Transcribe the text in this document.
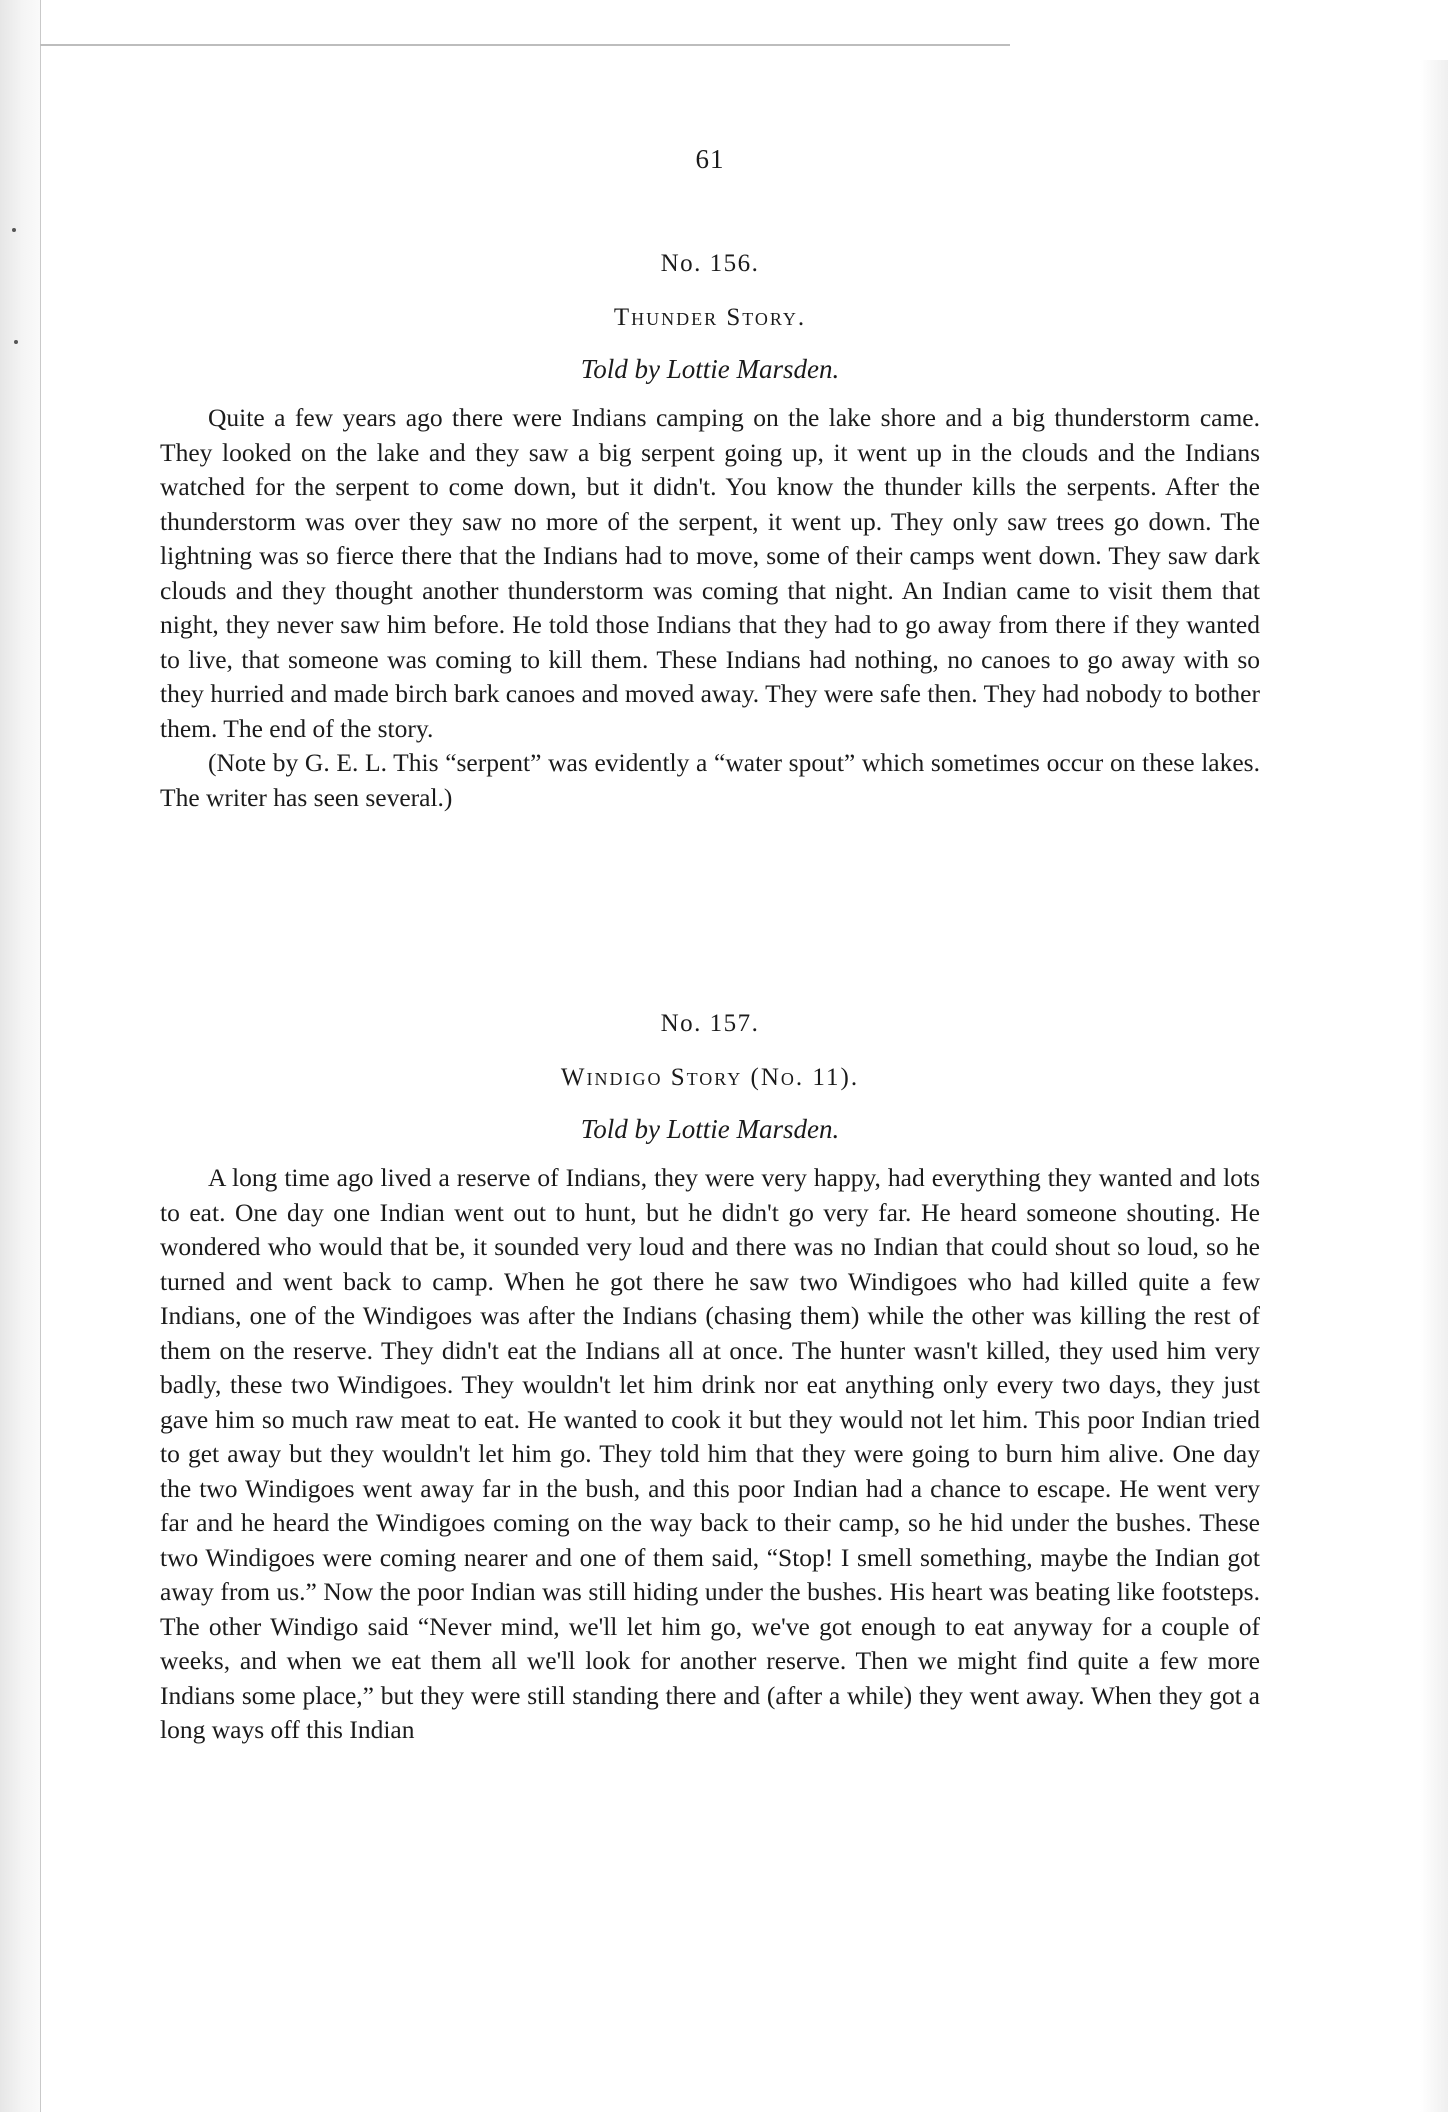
61
No. 156.
Thunder Story.
Told by Lottie Marsden.

Quite a few years ago there were Indians camping on the lake shore and a big thunderstorm came. They looked on the lake and they saw a big serpent going up, it went up in the clouds and the Indians watched for the serpent to come down, but it didn't. You know the thunder kills the serpents. After the thunderstorm was over they saw no more of the serpent, it went up. They only saw trees go down. The lightning was so fierce there that the Indians had to move, some of their camps went down. They saw dark clouds and they thought another thunderstorm was coming that night. An Indian came to visit them that night, they never saw him before. He told those Indians that they had to go away from there if they wanted to live, that someone was coming to kill them. These Indians had nothing, no canoes to go away with so they hurried and made birch bark canoes and moved away. They were safe then. They had nobody to bother them. The end of the story.

(Note by G. E. L. This “serpent” was evidently a “water spout” which sometimes occur on these lakes. The writer has seen several.)

No. 157.
Windigo Story (No. 11).
Told by Lottie Marsden.

A long time ago lived a reserve of Indians, they were very happy, had everything they wanted and lots to eat. One day one Indian went out to hunt, but he didn't go very far. He heard someone shouting. He wondered who would that be, it sounded very loud and there was no Indian that could shout so loud, so he turned and went back to camp. When he got there he saw two Windigoes who had killed quite a few Indians, one of the Windigoes was after the Indians (chasing them) while the other was killing the rest of them on the reserve. They didn't eat the Indians all at once. The hunter wasn't killed, they used him very badly, these two Windigoes. They wouldn't let him drink nor eat anything only every two days, they just gave him so much raw meat to eat. He wanted to cook it but they would not let him. This poor Indian tried to get away but they wouldn't let him go. They told him that they were going to burn him alive. One day the two Windigoes went away far in the bush, and this poor Indian had a chance to escape. He went very far and he heard the Windigoes coming on the way back to their camp, so he hid under the bushes. These two Windigoes were coming nearer and one of them said, “Stop! I smell something, maybe the Indian got away from us.” Now the poor Indian was still hiding under the bushes. His heart was beating like footsteps. The other Windigo said “Never mind, we'll let him go, we've got enough to eat anyway for a couple of weeks, and when we eat them all we'll look for another reserve. Then we might find quite a few more Indians some place,” but they were still standing there and (after a while) they went away. When they got a long ways off this Indian
